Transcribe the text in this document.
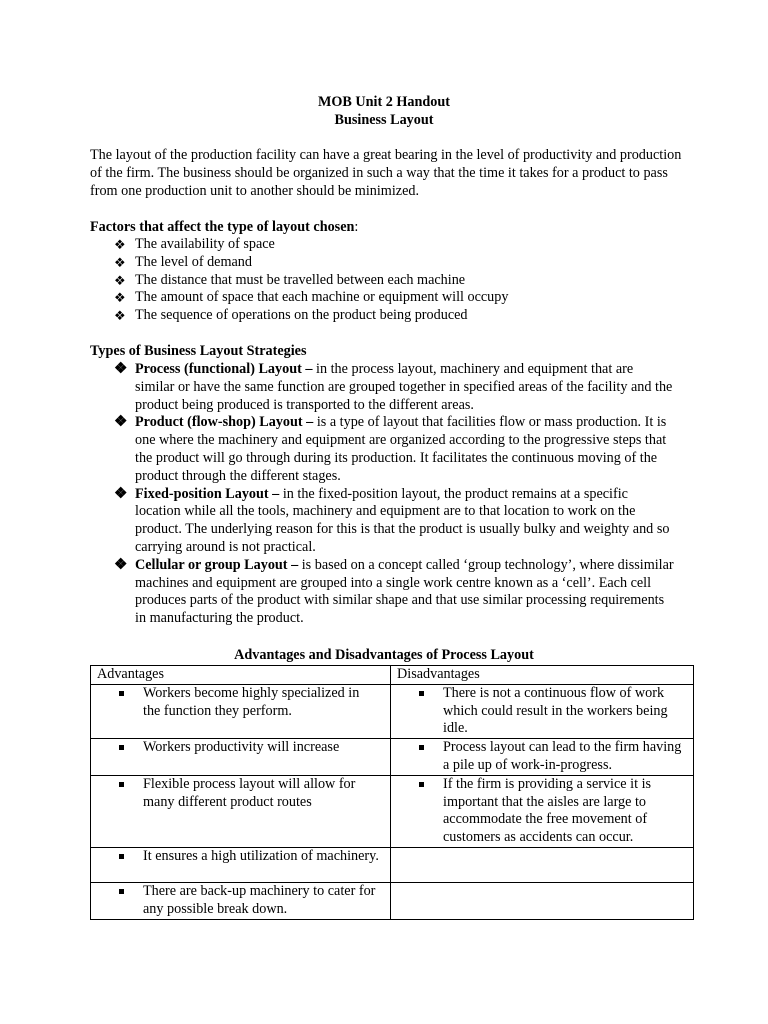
MOB Unit 2 Handout
Business Layout
The layout of the production facility can have a great bearing in the level of productivity and production of the firm. The business should be organized in such a way that the time it takes for a product to pass from one production unit to another should be minimized.
Factors that affect the type of layout chosen:
❖ The availability of space
❖ The level of demand
❖ The distance that must be travelled between each machine
❖ The amount of space that each machine or equipment will occupy
❖ The sequence of operations on the product being produced
Types of Business Layout Strategies
❖ Process (functional) Layout – in the process layout, machinery and equipment that are similar or have the same function are grouped together in specified areas of the facility and the product being produced is transported to the different areas.
❖ Product (flow-shop) Layout – is a type of layout that facilities flow or mass production. It is one where the machinery and equipment are organized according to the progressive steps that the product will go through during its production. It facilitates the continuous moving of the product through the different stages.
❖ Fixed-position Layout – in the fixed-position layout, the product remains at a specific location while all the tools, machinery and equipment are to that location to work on the product. The underlying reason for this is that the product is usually bulky and weighty and so carrying around is not practical.
❖ Cellular or group Layout – is based on a concept called ‘group technology’, where dissimilar machines and equipment are grouped into a single work centre known as a ‘cell’. Each cell produces parts of the product with similar shape and that use similar processing requirements in manufacturing the product.
Advantages and Disadvantages of Process Layout
Advantages	Disadvantages

Workers become highly specialized in the function they perform.	There is not a continuous flow of work which could result in the workers being idle.

Workers productivity will increase	Process layout can lead to the firm having a pile up of work-in-progress.

Flexible process layout will allow for many different product routes	If the firm is providing a service it is important that the aisles are large to accommodate the free movement of customers as accidents can occur.

It ensures a high utilization of machinery.	

There are back-up machinery to cater for any possible break down.	
